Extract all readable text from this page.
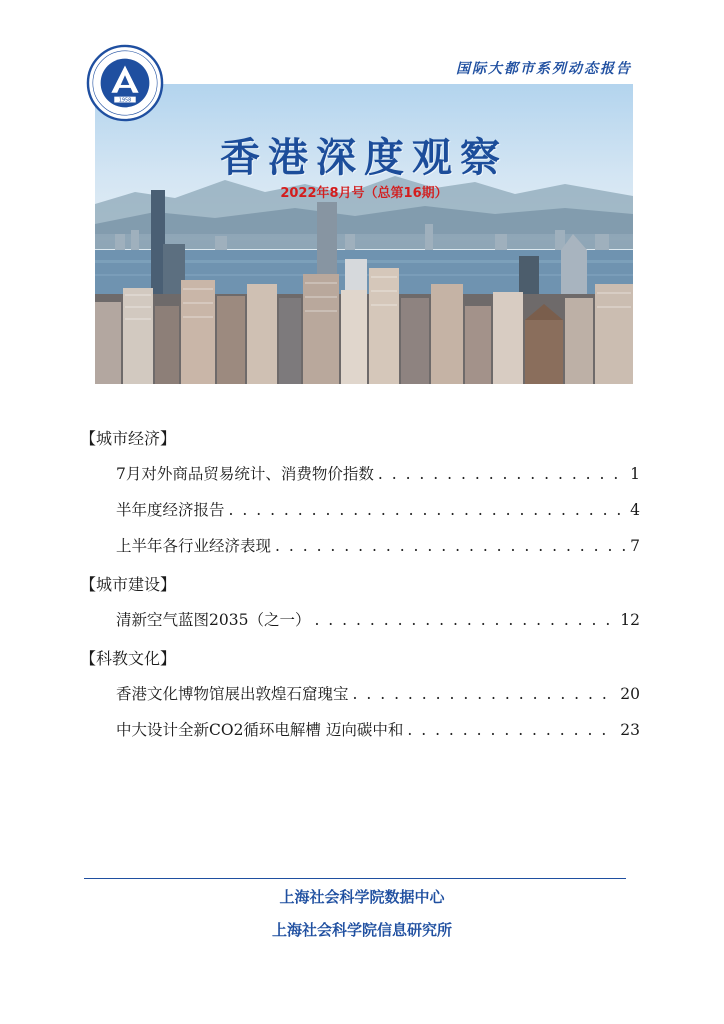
国际大都市系列动态报告
1958
香港深度观察
2022年8月号（总第16期）
【城市经济】
7月对外商品贸易统计、消费物价指数 . . .	1
半年度经济报告 . . .	4
上半年各行业经济表现 . . .	7
【城市建设】
清新空气蓝图2035（之一） . . .	12
【科教文化】
香港文化博物馆展出敦煌石窟瑰宝 . . .	20
中大设计全新CO2循环电解槽 迈向碳中和 . . .	23
上海社会科学院数据中心
上海社会科学院信息研究所
